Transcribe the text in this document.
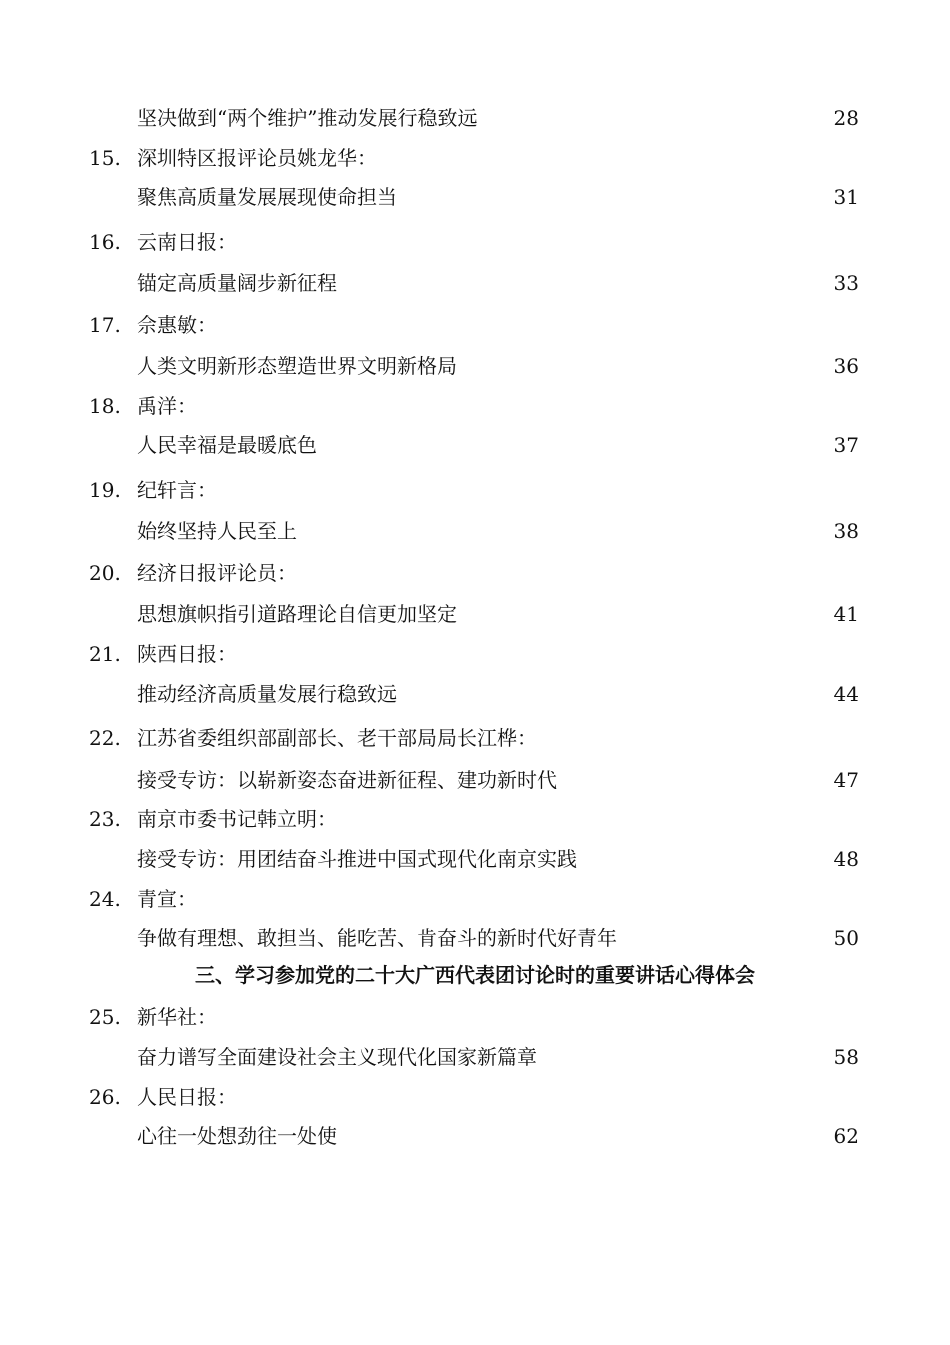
坚决做到“两个维护”推动发展行稳致远	28
15. 深圳特区报评论员姚龙华：
聚焦高质量发展展现使命担当	31
16. 云南日报：
锚定高质量阔步新征程	33
17. 佘惠敏：
人类文明新形态塑造世界文明新格局	36
18. 禹洋：
人民幸福是最暖底色	37
19. 纪轩言：
始终坚持人民至上	38
20. 经济日报评论员：
思想旗帜指引道路理论自信更加坚定	41
21. 陕西日报：
推动经济高质量发展行稳致远	44
22. 江苏省委组织部副部长、老干部局局长江桦：
接受专访：以崭新姿态奋进新征程、建功新时代	47
23. 南京市委书记韩立明：
接受专访：用团结奋斗推进中国式现代化南京实践	48
24. 青宣：
争做有理想、敢担当、能吃苦、肯奋斗的新时代好青年	50
三、学习参加党的二十大广西代表团讨论时的重要讲话心得体会
25. 新华社：
奋力谱写全面建设社会主义现代化国家新篇章	58
26. 人民日报：
心往一处想劲往一处使	62
